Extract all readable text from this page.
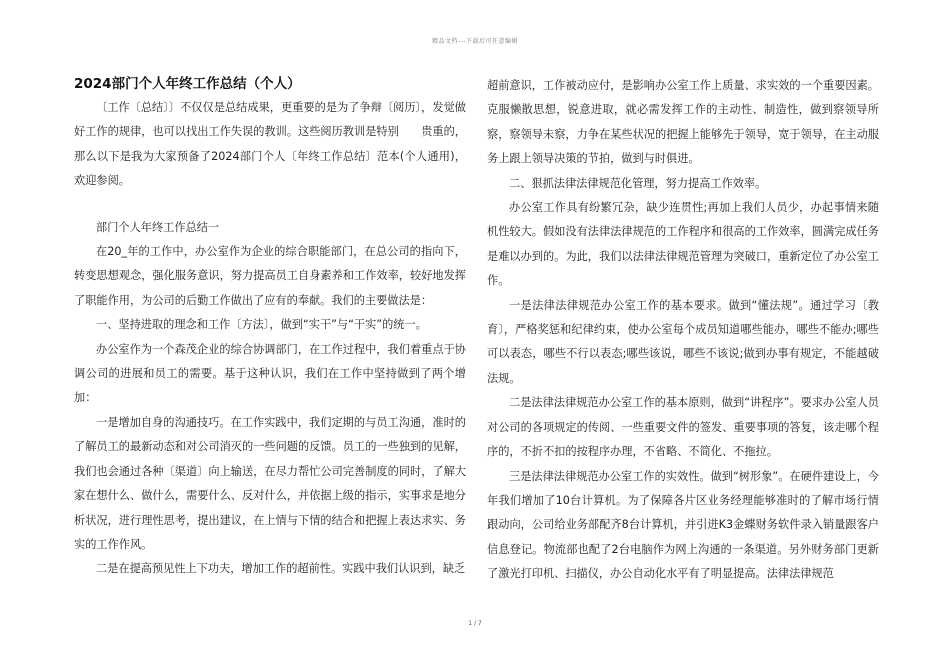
精品文档---下载后可任意编辑
2024部门个人年终工作总结（个人）

〔工作〔总结〕〕不仅仅是总结成果，更重要的是为了争辩〔阅历〕，发觉做好工作的规律，也可以找出工作失误的教训。这些阅历教训是特别　　贵重的，那么以下是我为大家预备了2024部门个人〔年终工作总结〕范本(个人通用)，欢迎参阅。

部门个人年终工作总结一

在20_年的工作中，办公室作为企业的综合职能部门，在总公司的指向下，转变思想观念，强化服务意识，努力提高员工自身素养和工作效率，较好地发挥了职能作用，为公司的后勤工作做出了应有的奉献。我们的主要做法是：

一、坚持进取的理念和工作〔方法〕，做到“实干”与“干实”的统一。

办公室作为一个森茂企业的综合协调部门，在工作过程中，我们着重点于协调公司的进展和员工的需要。基于这种认识，我们在工作中坚持做到了两个增加：

一是增加自身的沟通技巧。在工作实践中，我们定期的与员工沟通，准时的了解员工的最新动态和对公司消灭的一些问题的反馈。员工的一些独到的见解，我们也会通过各种〔渠道〕向上输送，在尽力帮忙公司完善制度的同时，了解大家在想什么、做什么，需要什么、反对什么，并依据上级的指示，实事求是地分析状况，进行理性思考，提出建议，在上情与下情的结合和把握上表达求实、务实的工作作风。

二是在提高预见性上下功夫，增加工作的超前性。实践中我们认识到，缺乏

超前意识，工作被动应付，是影响办公室工作上质量、求实效的一个重要因素。克服懒散思想，锐意进取，就必需发挥工作的主动性、制造性，做到察领导所察，察领导未察，力争在某些状况的把握上能够先于领导，宽于领导，在主动服务上跟上领导决策的节拍，做到与时俱进。

二、狠抓法律法律规范化管理，努力提高工作效率。

办公室工作具有纷繁冗杂，缺少连贯性;再加上我们人员少，办起事情来随机性较大。假如没有法律法律规范的工作程序和很高的工作效率，圆满完成任务是难以办到的。为此，我们以法律法律规范管理为突破口，重新定位了办公室工作。

一是法律法律规范办公室工作的基本要求。做到“懂法规”。通过学习〔教育〕，严格奖惩和纪律约束，使办公室每个成员知道哪些能办，哪些不能办;哪些可以表态，哪些不行以表态;哪些该说，哪些不该说;做到办事有规定，不能越破法规。

二是法律法律规范办公室工作的基本原则，做到“讲程序”。要求办公室人员对公司的各项规定的传阅、一些重要文件的签发、重要事项的答复，该走哪个程序的，不折不扣的按程序办理，不省略、不简化、不拖拉。

三是法律法律规范办公室工作的实效性。做到“树形象”。在硬件建设上，今年我们增加了10台计算机。为了保障各片区业务经理能够准时的了解市场行情跟动向，公司给业务部配齐8台计算机，并引进K3金蝶财务软件录入销量跟客户信息登记。物流部也配了2台电脑作为网上沟通的一条渠道。另外财务部门更新了激光打印机、扫描仪，办公自动化水平有了明显提高。法律法律规范

1 / 7
